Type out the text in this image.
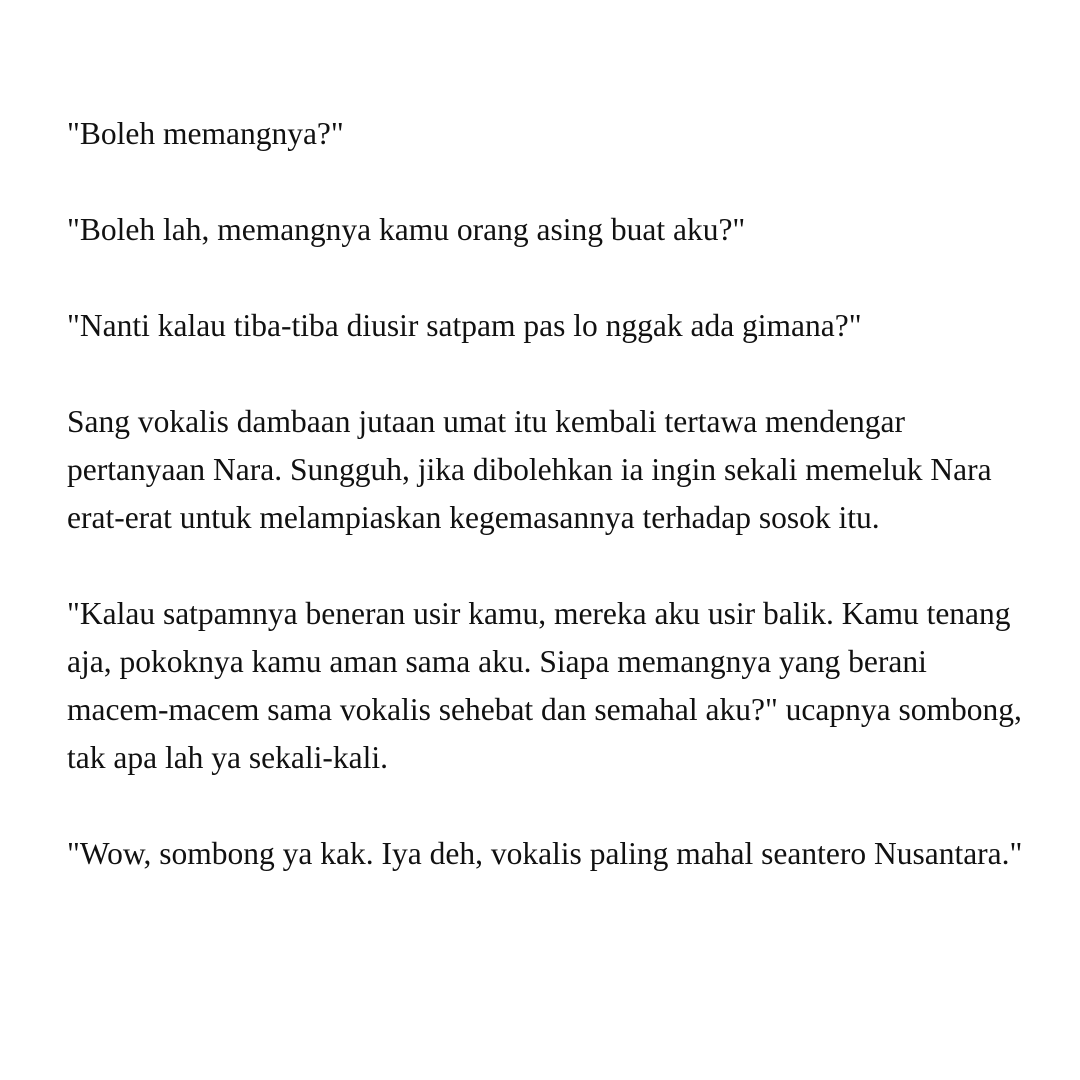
"Boleh memangnya?"

"Boleh lah, memangnya kamu orang asing buat aku?"

"Nanti kalau tiba-tiba diusir satpam pas lo nggak ada gimana?"

Sang vokalis dambaan jutaan umat itu kembali tertawa mendengar pertanyaan Nara. Sungguh, jika dibolehkan ia ingin sekali memeluk Nara erat-erat untuk melampiaskan kegemasannya terhadap sosok itu.

"Kalau satpamnya beneran usir kamu, mereka aku usir balik. Kamu tenang aja, pokoknya kamu aman sama aku. Siapa memangnya yang berani macem-macem sama vokalis sehebat dan semahal aku?" ucapnya sombong, tak apa lah ya sekali-kali.

"Wow, sombong ya kak. Iya deh, vokalis paling mahal seantero Nusantara."
